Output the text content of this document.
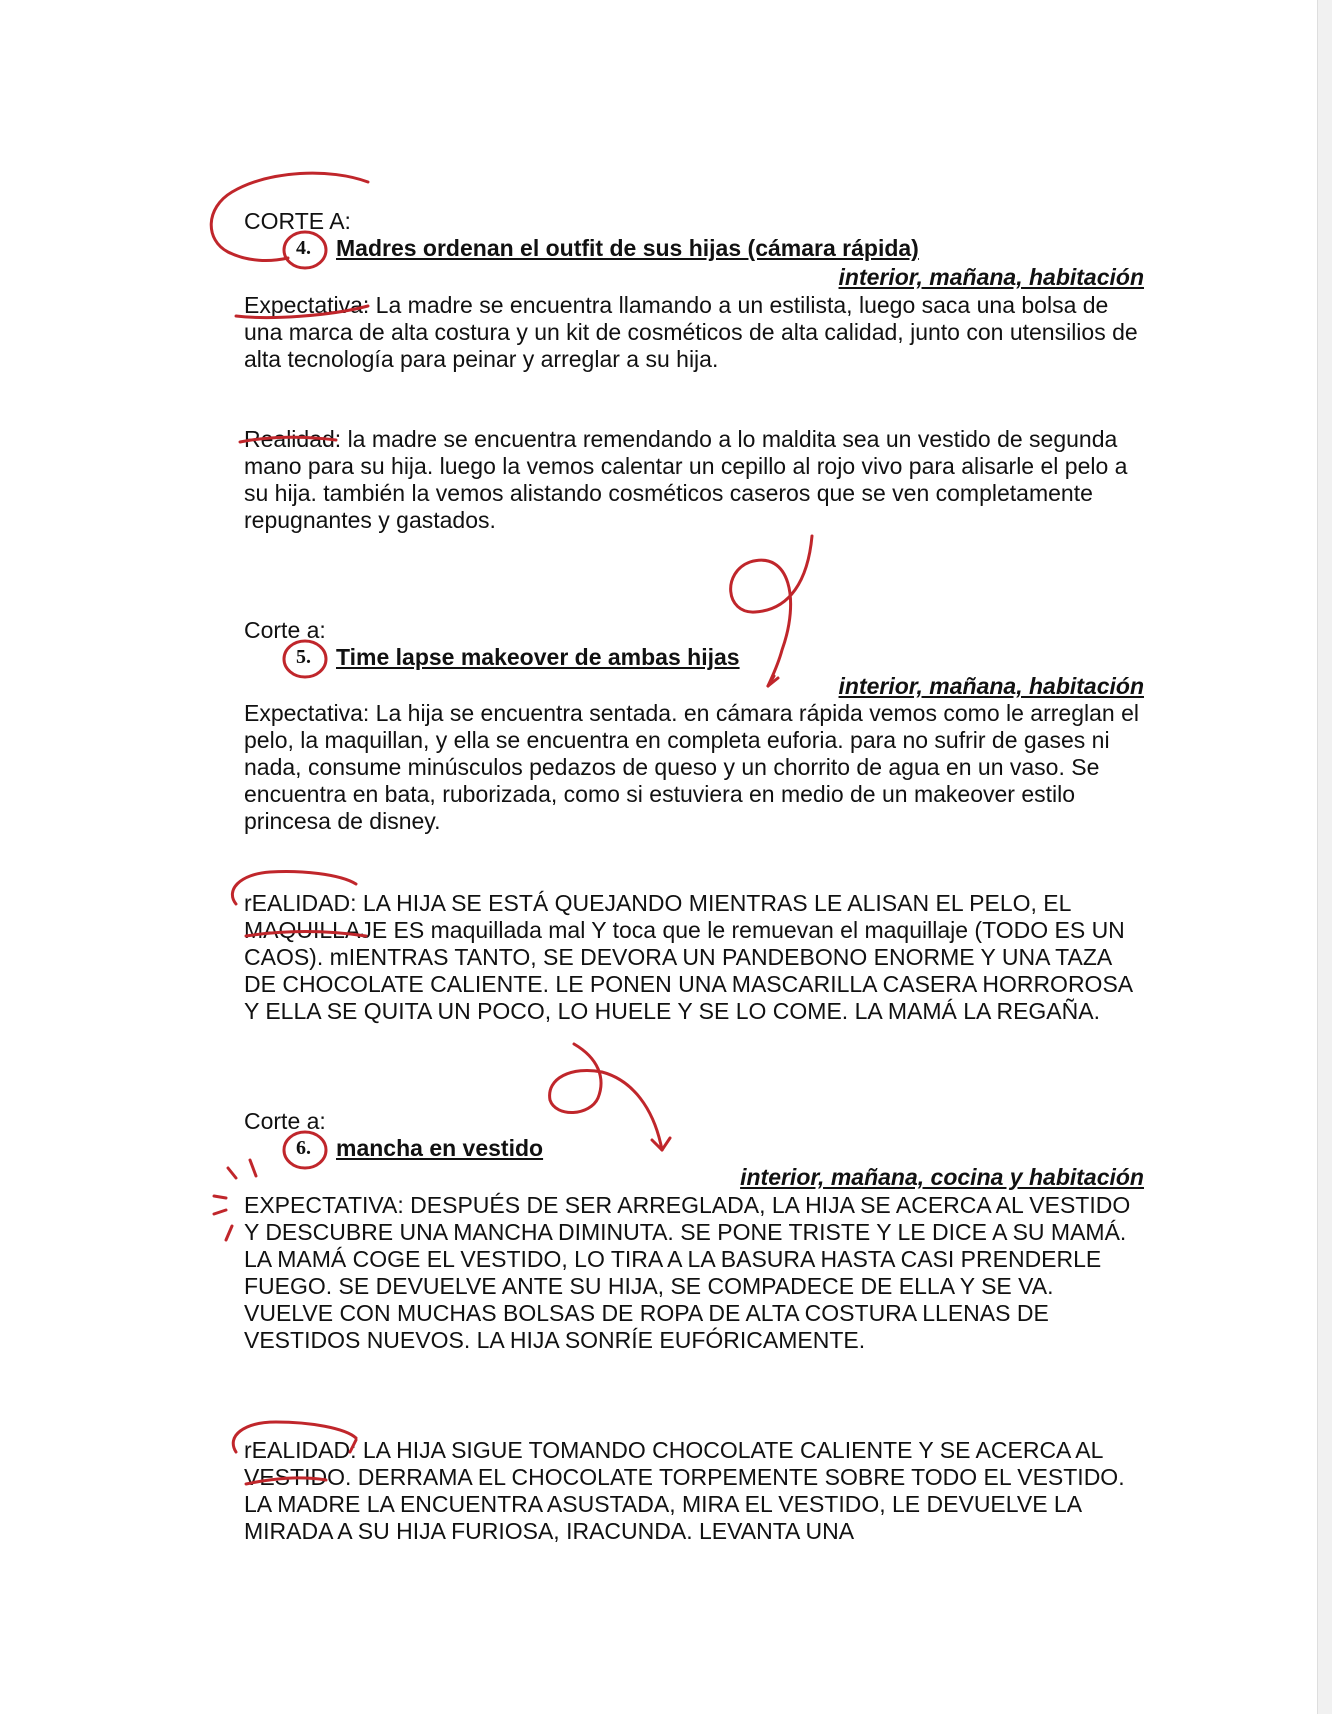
CORTE A:
4. Madres ordenan el outfit de sus hijas (cámara rápida)
interior, mañana, habitación
Expectativa: La madre se encuentra llamando a un estilista, luego saca una bolsa de una marca de alta costura y un kit de cosméticos de alta calidad, junto con utensilios de alta tecnología para peinar y arreglar a su hija.
Realidad: la madre se encuentra remendando a lo maldita sea un vestido de segunda mano para su hija. luego la vemos calentar un cepillo al rojo vivo para alisarle el pelo a su hija. también la vemos alistando cosméticos caseros que se ven completamente repugnantes y gastados.
Corte a:
5. Time lapse makeover de ambas hijas
interior, mañana, habitación
Expectativa: La hija se encuentra sentada. en cámara rápida vemos como le arreglan el pelo, la maquillan, y ella se encuentra en completa euforia. para no sufrir de gases ni nada, consume minúsculos pedazos de queso y un chorrito de agua en un vaso. Se encuentra en bata, ruborizada, como si estuviera en medio de un makeover estilo princesa de disney.
rEALIDAD: LA HIJA SE ESTÁ QUEJANDO MIENTRAS LE ALISAN EL PELO, EL MAQUILLAJE ES maquillada mal Y toca que le remuevan el maquillaje (TODO ES UN CAOS). mIENTRAS TANTO, SE DEVORA UN PANDEBONO ENORME Y UNA TAZA DE CHOCOLATE CALIENTE. LE PONEN UNA MASCARILLA CASERA HORROROSA Y ELLA SE QUITA UN POCO, LO HUELE Y SE LO COME. LA MAMÁ LA REGAÑA.
Corte a:
6. mancha en vestido
interior, mañana, cocina y habitación
EXPECTATIVA: DESPUÉS DE SER ARREGLADA, LA HIJA SE ACERCA AL VESTIDO Y DESCUBRE UNA MANCHA DIMINUTA. SE PONE TRISTE Y LE DICE A SU MAMÁ. LA MAMÁ COGE EL VESTIDO, LO TIRA A LA BASURA HASTA CASI PRENDERLE FUEGO. SE DEVUELVE ANTE SU HIJA, SE COMPADECE DE ELLA Y SE VA. VUELVE CON MUCHAS BOLSAS DE ROPA DE ALTA COSTURA LLENAS DE VESTIDOS NUEVOS. LA HIJA SONRÍE EUFÓRICAMENTE.
rEALIDAD: LA HIJA SIGUE TOMANDO CHOCOLATE CALIENTE Y SE ACERCA AL VESTIDO. DERRAMA EL CHOCOLATE TORPEMENTE SOBRE TODO EL VESTIDO. LA MADRE LA ENCUENTRA ASUSTADA, MIRA EL VESTIDO, LE DEVUELVE LA MIRADA A SU HIJA FURIOSA, IRACUNDA. LEVANTA UNA
